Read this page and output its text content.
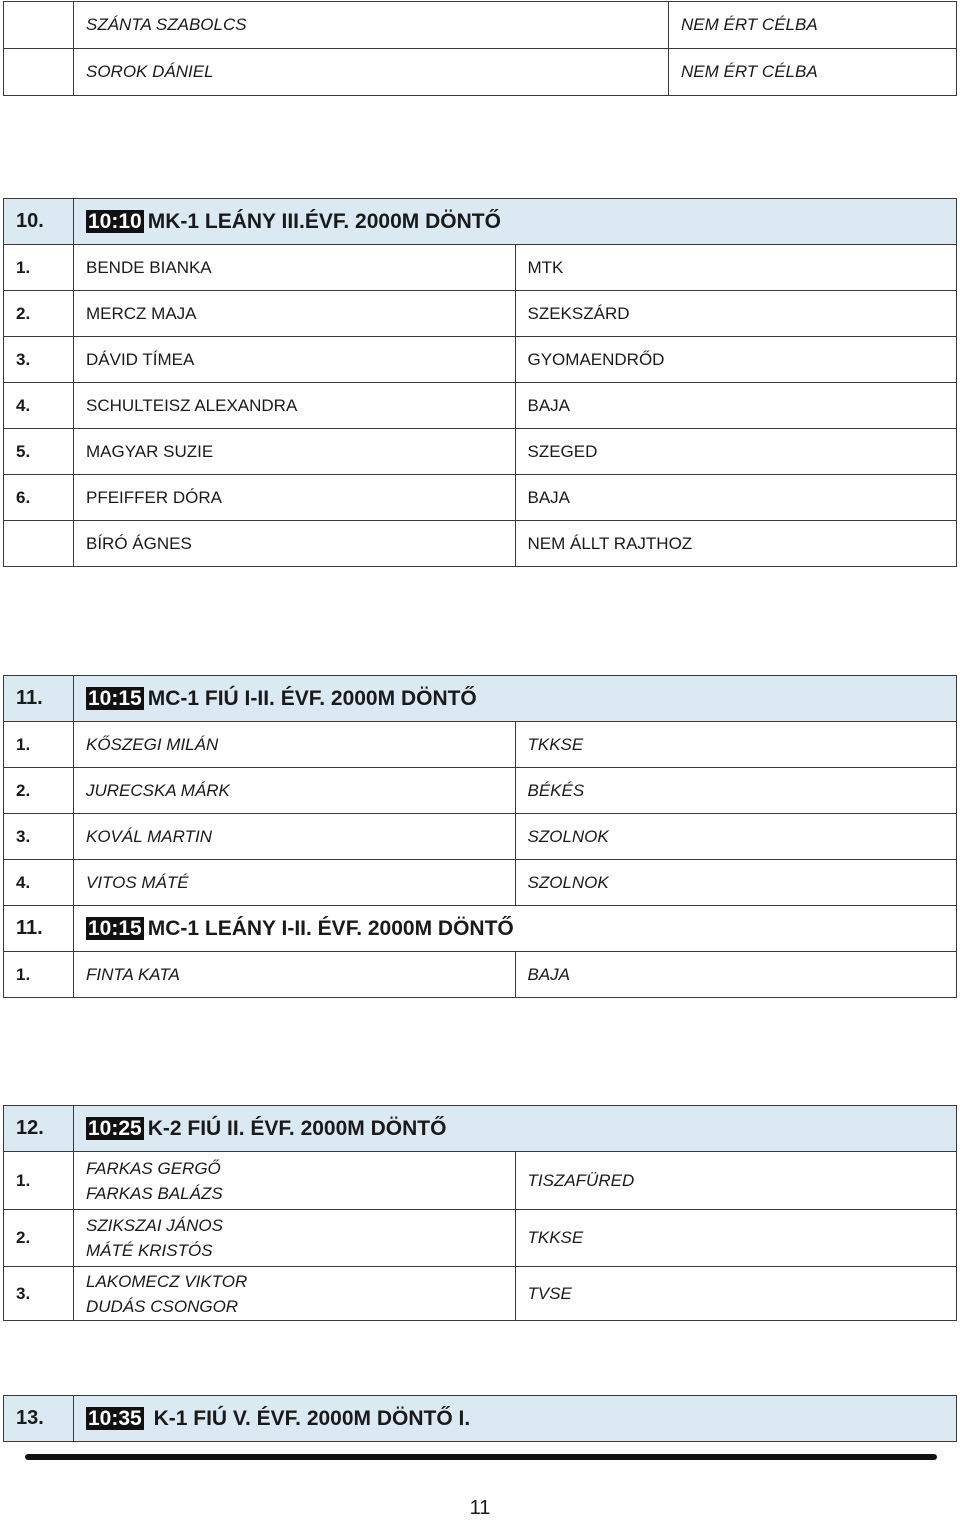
	SZÁNTA SZABOLCS	NEM ÉRT CÉLBA
	SOROK DÁNIEL	NEM ÉRT CÉLBA
10.	10:10 MK-1 LEÁNY III.ÉVF. 2000M DÖNTŐ	
1.	BENDE BIANKA	MTK
2.	MERCZ MAJA	SZEKSZÁRD
3.	DÁVID TÍMEA	GYOMAENDRŐD
4.	SCHULTEISZ ALEXANDRA	BAJA
5.	MAGYAR SUZIE	SZEGED
6.	PFEIFFER DÓRA	BAJA
	BÍRÓ ÁGNES	NEM ÁLLT RAJTHOZ
11.	10:15 MC-1 FIÚ I-II. ÉVF. 2000M DÖNTŐ	
1.	KŐSZEGI MILÁN	TKKSE
2.	JURECSKA MÁRK	BÉKÉS
3.	KOVÁL MARTIN	SZOLNOK
4.	VITOS MÁTÉ	SZOLNOK
11.	10:15 MC-1 LEÁNY I-II. ÉVF. 2000M DÖNTŐ	
1.	FINTA KATA	BAJA
12.	10:25 K-2 FIÚ II. ÉVF. 2000M DÖNTŐ	
1.	FARKAS GERGŐ
FARKAS BALÁZS	TISZAFÜRED
2.	SZIKSZAI JÁNOS
MÁTÉ KRISTÓS	TKKSE
3.	LAKOMECZ VIKTOR
DUDÁS CSONGOR	TVSE
13.	10:35 K-1 FIÚ V. ÉVF. 2000M DÖNTŐ I.
11
